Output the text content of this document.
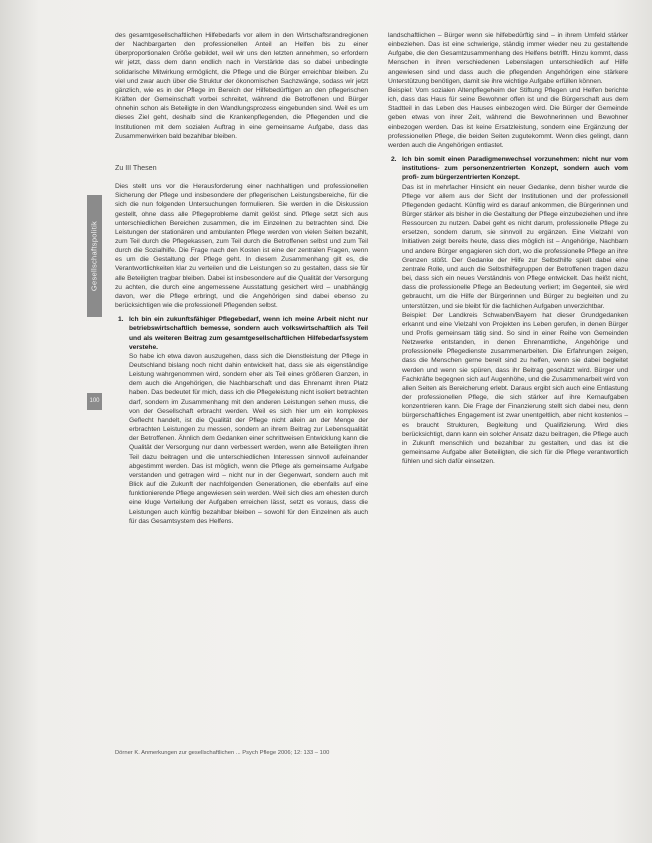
Gesellschaftspolitik
100

des gesamtgesellschaftlichen Hilfebedarfs vor allem in den Wirtschaftsrandregionen der Nachbargarten den professionellen Anteil an Helfen bis zu einer überproportionalen Größe gebildet, weil wir uns den letzten annehmen, so erfordern wir jetzt, dass dem dann endlich nach in Verstärkte das so dabei unbedingte solidarische Mitwirkung ermöglicht, die Pflege und die Bürger erreichbar bleiben. Zu viel und zwar auch über die Struktur der ökonomischen Sachzwänge, sodass wir jetzt gänzlich, wie es in der Pflege im Bereich der Hilfebedürftigen an den pflegerischen Kräften der Gemeinschaft vorbei schreitet, während die Betroffenen und Bürger ohnehin schon als Beteiligte in den Wandlungsprozess eingebunden sind. Weil es um dieses Ziel geht, deshalb sind die Krankenpflegenden, die Pflegenden und die Institutionen mit dem sozialen Auftrag in eine gemeinsame Aufgabe, dass das Zusammenwirken bald bezahlbar bleiben.

Zu III Thesen

Dies stellt uns vor die Herausforderung einer nachhaltigen und professionellen Sicherung der Pflege und insbesondere der pflegerischen Leistungsbereiche, für die sich die nun folgenden Untersuchungen formulieren. Sie werden in die Diskussion gestellt, ohne dass alle Pflegeprobleme damit gelöst sind. Pflege setzt sich aus unterschiedlichen Bereichen zusammen, die im Einzelnen zu betrachten sind. Die Leistungen der stationären und ambulanten Pflege werden von vielen Seiten bezahlt, zum Teil durch die Pflegekassen, zum Teil durch die Betroffenen selbst und zum Teil durch die Sozialhilfe. Die Frage nach den Kosten ist eine der zentralen Fragen, wenn es um die Gestaltung der Pflege geht. In diesem Zusammenhang gilt es, die Verantwortlichkeiten klar zu verteilen und die Leistungen so zu gestalten, dass sie für alle Beteiligten tragbar bleiben. Dabei ist insbesondere auf die Qualität der Versorgung zu achten, die durch eine angemessene Ausstattung gesichert wird – unabhängig davon, wer die Pflege erbringt, und die Angehörigen sind dabei ebenso zu berücksichtigen wie die professionell Pflegenden selbst.

1. Ich bin ein zukunftsfähiger Pflegebedarf, wenn ich meine Arbeit nicht nur betriebswirtschaftlich bemesse, sondern auch volkswirtschaftlich als Teil und als weiteren Beitrag zum gesamtgesellschaftlichen Hilfebedarfssystem verstehe.

So habe ich etwa davon auszugehen, dass sich die Dienstleistung der Pflege in Deutschland bislang noch nicht dahin entwickelt hat, dass sie als eigenständige Leistung wahrgenommen wird, sondern eher als Teil eines größeren Ganzen, in dem auch die Angehörigen, die Nachbarschaft und das Ehrenamt ihren Platz haben. Das bedeutet für mich, dass ich die Pflegeleistung nicht isoliert betrachten darf, sondern im Zusammenhang mit den anderen Leistungen sehen muss, die von der Gesellschaft erbracht werden. Weil es sich hier um ein komplexes Geflecht handelt, ist die Qualität der Pflege nicht allein an der Menge der erbrachten Leistungen zu messen, sondern an ihrem Beitrag zur Lebensqualität der Betroffenen. Ähnlich dem Gedanken einer schrittweisen Entwicklung kann die Qualität der Versorgung nur dann verbessert werden, wenn alle Beteiligten ihren Teil dazu beitragen und die unterschiedlichen Interessen sinnvoll aufeinander abgestimmt werden. Das ist möglich, wenn die Pflege als gemeinsame Aufgabe verstanden und getragen wird – nicht nur in der Gegenwart, sondern auch mit Blick auf die Zukunft der nachfolgenden Generationen, die ebenfalls auf eine funktionierende Pflege angewiesen sein werden. Weil sich dies am ehesten durch eine kluge Verteilung der Aufgaben erreichen lässt, setzt es voraus, dass die Leistungen auch künftig bezahlbar bleiben – sowohl für den Einzelnen als auch für das Gesamtsystem des Helfens.

landschaftlichen – Bürger wenn sie hilfebedürftig sind – in ihrem Umfeld stärker einbeziehen. Das ist eine schwierige, ständig immer wieder neu zu gestaltende Aufgabe, die den Gesamtzusammenhang des Helfens betrifft. Hinzu kommt, dass Menschen in ihren verschiedenen Lebenslagen unterschiedlich auf Hilfe angewiesen sind und dass auch die pflegenden Angehörigen eine stärkere Unterstützung benötigen, damit sie ihre wichtige Aufgabe erfüllen können.

Beispiel: Vom sozialen Altenpflegeheim der Stiftung Pflegen und Helfen berichte ich, dass das Haus für seine Bewohner offen ist und die Bürgerschaft aus dem Stadtteil in das Leben des Hauses einbezogen wird. Die Bürger der Gemeinde geben etwas von ihrer Zeit, während die Bewohnerinnen und Bewohner einbezogen werden. Das ist keine Ersatzleistung, sondern eine Ergänzung der professionellen Pflege, die beiden Seiten zugutekommt. Wenn dies gelingt, dann werden auch die Angehörigen entlastet.

2. Ich bin somit einen Paradigmenwechsel vorzunehmen: nicht nur vom institutions- zum personenzentrierten Konzept, sondern auch vom profi- zum bürgerzentrierten Konzept.

Das ist in mehrfacher Hinsicht ein neuer Gedanke, denn bisher wurde die Pflege vor allem aus der Sicht der Institutionen und der professionell Pflegenden gedacht. Künftig wird es darauf ankommen, die Bürgerinnen und Bürger stärker als bisher in die Gestaltung der Pflege einzubeziehen und ihre Ressourcen zu nutzen. Dabei geht es nicht darum, professionelle Pflege zu ersetzen, sondern darum, sie sinnvoll zu ergänzen. Eine Vielzahl von Initiativen zeigt bereits heute, dass dies möglich ist – Angehörige, Nachbarn und andere Bürger engagieren sich dort, wo die professionelle Pflege an ihre Grenzen stößt. Der Gedanke der Hilfe zur Selbsthilfe spielt dabei eine zentrale Rolle, und auch die Selbsthilfegruppen der Betroffenen tragen dazu bei, dass sich ein neues Verständnis von Pflege entwickelt. Das heißt nicht, dass die professionelle Pflege an Bedeutung verliert; im Gegenteil, sie wird gebraucht, um die Hilfe der Bürgerinnen und Bürger zu begleiten und zu unterstützen, und sie bleibt für die fachlichen Aufgaben unverzichtbar.

Beispiel: Der Landkreis Schwaben/Bayern hat dieser Grundgedanken erkannt und eine Vielzahl von Projekten ins Leben gerufen, in denen Bürger und Profis gemeinsam tätig sind. So sind in einer Reihe von Gemeinden Netzwerke entstanden, in denen Ehrenamtliche, Angehörige und professionelle Pflegedienste zusammenarbeiten. Die Erfahrungen zeigen, dass die Menschen gerne bereit sind zu helfen, wenn sie dabei begleitet werden und wenn sie spüren, dass ihr Beitrag geschätzt wird. Bürger und Fachkräfte begegnen sich auf Augenhöhe, und die Zusammenarbeit wird von allen Seiten als Bereicherung erlebt. Daraus ergibt sich auch eine Entlastung der professionellen Pflege, die sich stärker auf ihre Kernaufgaben konzentrieren kann. Die Frage der Finanzierung stellt sich dabei neu, denn bürgerschaftliches Engagement ist zwar unentgeltlich, aber nicht kostenlos – es braucht Strukturen, Begleitung und Qualifizierung. Wird dies berücksichtigt, dann kann ein solcher Ansatz dazu beitragen, die Pflege auch in Zukunft menschlich und bezahlbar zu gestalten, und das ist die gemeinsame Aufgabe aller Beteiligten, die sich für die Pflege verantwortlich fühlen und sich dafür einsetzen.

Dörner K. Anmerkungen zur gesellschaftlichen ... Psych Pflege 2006; 12: 133 – 100
